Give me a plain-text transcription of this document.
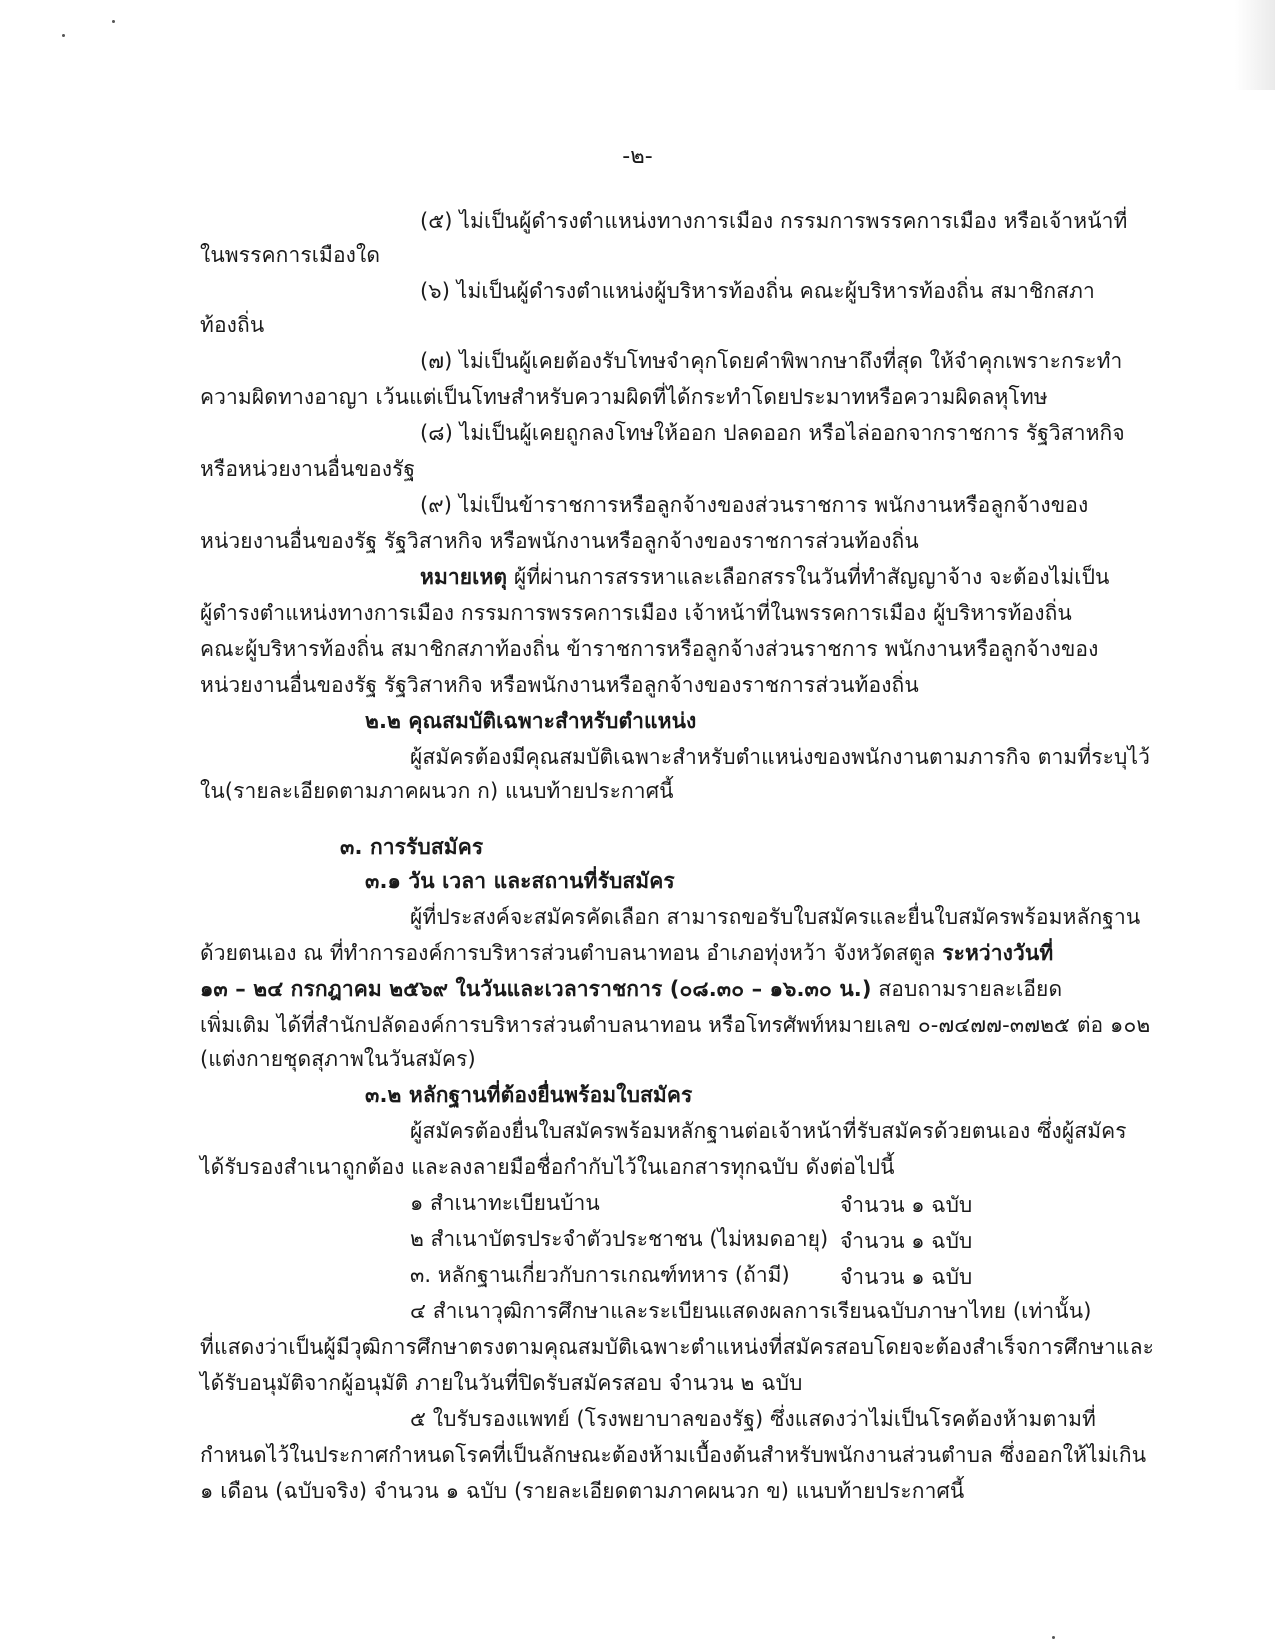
-๒-
(๕) ไม่เป็นผู้ดำรงตำแหน่งทางการเมือง กรรมการพรรคการเมือง หรือเจ้าหน้าที่
ในพรรคการเมืองใด
(๖) ไม่เป็นผู้ดำรงตำแหน่งผู้บริหารท้องถิ่น คณะผู้บริหารท้องถิ่น สมาชิกสภา
ท้องถิ่น
(๗) ไม่เป็นผู้เคยต้องรับโทษจำคุกโดยคำพิพากษาถึงที่สุด ให้จำคุกเพราะกระทำ
ความผิดทางอาญา เว้นแต่เป็นโทษสำหรับความผิดที่ได้กระทำโดยประมาทหรือความผิดลหุโทษ
(๘) ไม่เป็นผู้เคยถูกลงโทษให้ออก ปลดออก หรือไล่ออกจากราชการ รัฐวิสาหกิจ
หรือหน่วยงานอื่นของรัฐ
(๙) ไม่เป็นข้าราชการหรือลูกจ้างของส่วนราชการ พนักงานหรือลูกจ้างของ
หน่วยงานอื่นของรัฐ รัฐวิสาหกิจ หรือพนักงานหรือลูกจ้างของราชการส่วนท้องถิ่น
หมายเหตุ ผู้ที่ผ่านการสรรหาและเลือกสรรในวันที่ทำสัญญาจ้าง จะต้องไม่เป็น
ผู้ดำรงตำแหน่งทางการเมือง กรรมการพรรคการเมือง เจ้าหน้าที่ในพรรคการเมือง ผู้บริหารท้องถิ่น
คณะผู้บริหารท้องถิ่น สมาชิกสภาท้องถิ่น ข้าราชการหรือลูกจ้างส่วนราชการ พนักงานหรือลูกจ้างของ
หน่วยงานอื่นของรัฐ รัฐวิสาหกิจ หรือพนักงานหรือลูกจ้างของราชการส่วนท้องถิ่น
๒.๒ คุณสมบัติเฉพาะสำหรับตำแหน่ง
ผู้สมัครต้องมีคุณสมบัติเฉพาะสำหรับตำแหน่งของพนักงานตามภารกิจ ตามที่ระบุไว้
ใน(รายละเอียดตามภาคผนวก ก) แนบท้ายประกาศนี้
๓. การรับสมัคร
๓.๑ วัน เวลา และสถานที่รับสมัคร
ผู้ที่ประสงค์จะสมัครคัดเลือก สามารถขอรับใบสมัครและยื่นใบสมัครพร้อมหลักฐาน
ด้วยตนเอง ณ ที่ทำการองค์การบริหารส่วนตำบลนาทอน อำเภอทุ่งหว้า จังหวัดสตูล ระหว่างวันที่
๑๓ – ๒๔ กรกฎาคม ๒๕๖๙ ในวันและเวลาราชการ (๐๘.๓๐ – ๑๖.๓๐ น.) สอบถามรายละเอียด
เพิ่มเติม ได้ที่สำนักปลัดองค์การบริหารส่วนตำบลนาทอน หรือโทรศัพท์หมายเลข ๐-๗๔๗๗-๓๗๒๕ ต่อ ๑๐๒
(แต่งกายชุดสุภาพในวันสมัคร)
๓.๒ หลักฐานที่ต้องยื่นพร้อมใบสมัคร
ผู้สมัครต้องยื่นใบสมัครพร้อมหลักฐานต่อเจ้าหน้าที่รับสมัครด้วยตนเอง ซึ่งผู้สมัคร
ได้รับรองสำเนาถูกต้อง และลงลายมือชื่อกำกับไว้ในเอกสารทุกฉบับ ดังต่อไปนี้
๑ สำเนาทะเบียนบ้าน	จำนวน ๑ ฉบับ
๒ สำเนาบัตรประจำตัวประชาชน (ไม่หมดอายุ) จำนวน ๑ ฉบับ
๓. หลักฐานเกี่ยวกับการเกณฑ์ทหาร (ถ้ามี) จำนวน ๑ ฉบับ
๔ สำเนาวุฒิการศึกษาและระเบียนแสดงผลการเรียนฉบับภาษาไทย (เท่านั้น)
ที่แสดงว่าเป็นผู้มีวุฒิการศึกษาตรงตามคุณสมบัติเฉพาะตำแหน่งที่สมัครสอบโดยจะต้องสำเร็จการศึกษาและ
ได้รับอนุมัติจากผู้อนุมัติ ภายในวันที่ปิดรับสมัครสอบ จำนวน ๒ ฉบับ
๕ ใบรับรองแพทย์ (โรงพยาบาลของรัฐ) ซึ่งแสดงว่าไม่เป็นโรคต้องห้ามตามที่
กำหนดไว้ในประกาศกำหนดโรคที่เป็นลักษณะต้องห้ามเบื้องต้นสำหรับพนักงานส่วนตำบล ซึ่งออกให้ไม่เกิน
๑ เดือน (ฉบับจริง) จำนวน ๑ ฉบับ (รายละเอียดตามภาคผนวก ข) แนบท้ายประกาศนี้
